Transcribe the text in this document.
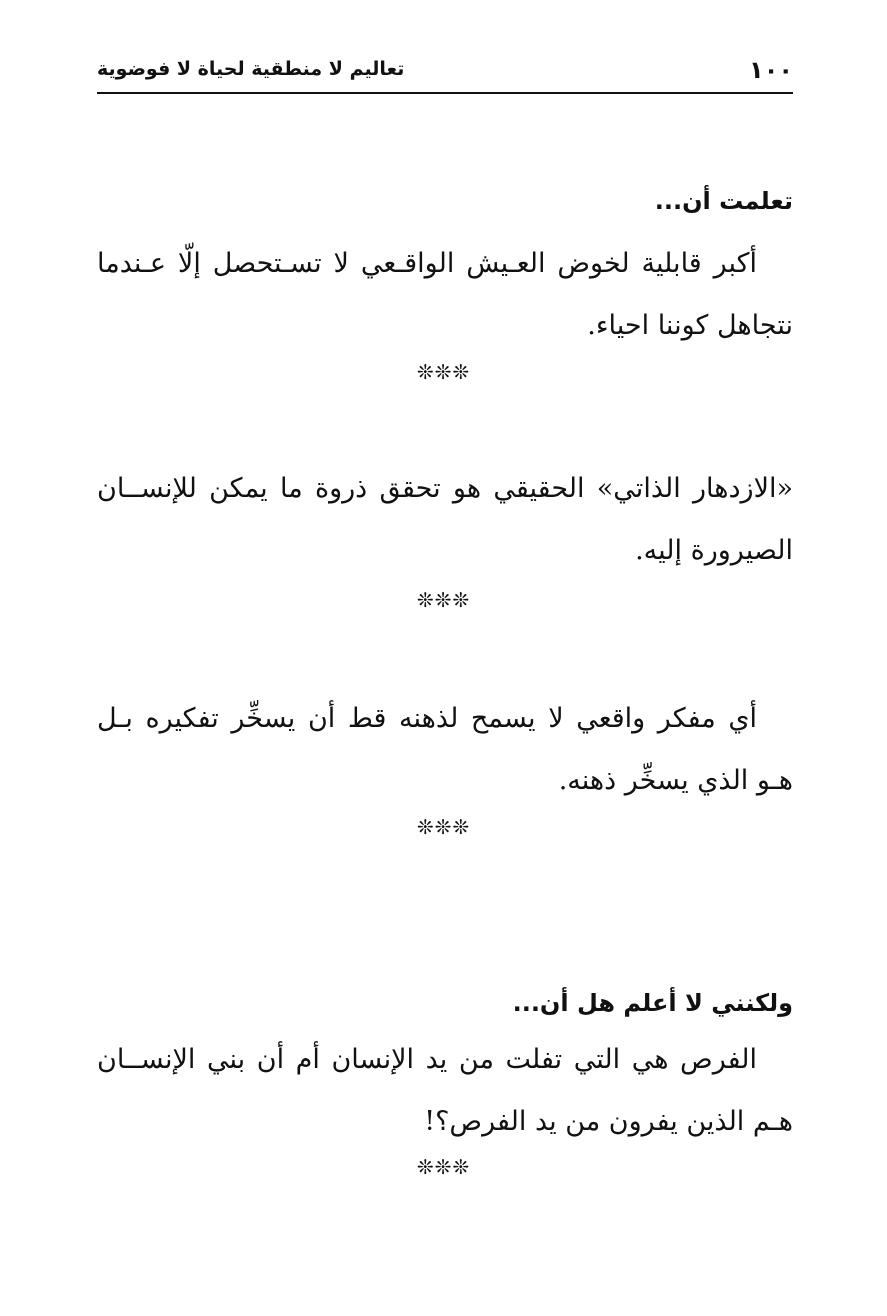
١٠٠
تعاليم لا منطقية لحياة لا فوضوية

تعلمت أن...

أكبر قابلية لخوض العـيش الواقـعي لا تسـتحصل إلّا عـندما نتجاهل كوننا احياء.

❊❊❊

«الازدهار الذاتي» الحقيقي هو تحقق ذروة ما يمكن للإنســان الصيرورة إليه.

❊❊❊

أي مفكر واقعي لا يسمح لذهنه قط أن يسخِّر تفكيره بـل هـو الذي يسخِّر ذهنه.

❊❊❊

ولكنني لا أعلم هل أن...

الفرص هي التي تفلت من يد الإنسان أم أن بني الإنســان هـم الذين يفرون من يد الفرص؟!

❊❊❊
